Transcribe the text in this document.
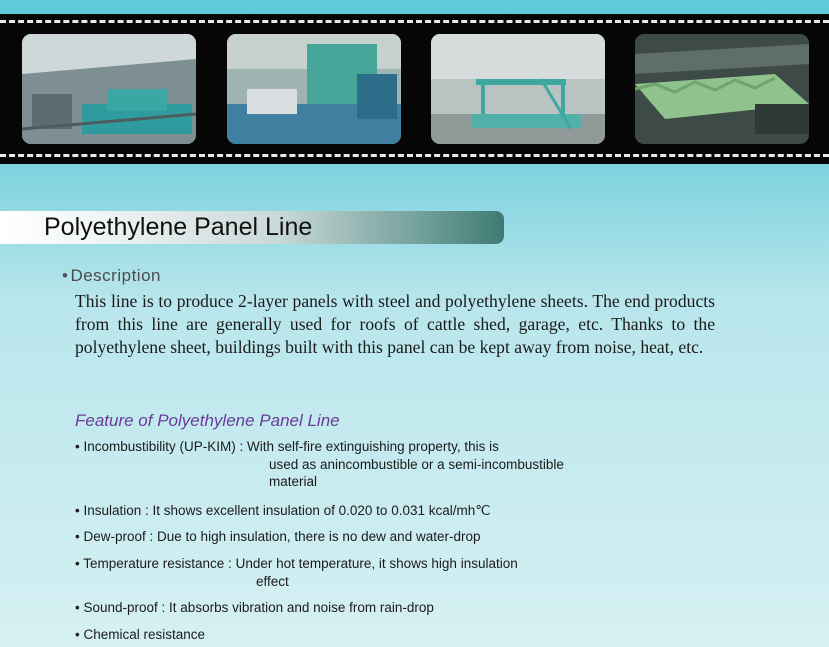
Polyethylene Panel Line
• Description
This line is to produce 2-layer panels with steel and polyethylene sheets. The end products from this line are generally used for roofs of cattle shed, garage, etc. Thanks to the polyethylene sheet, buildings built with this panel can be kept away from noise, heat, etc.
Feature of Polyethylene Panel Line
• Incombustibility (UP-KIM) : With self-fire extinguishing property, this is
used as anincombustible or a semi-incombustible
material
• Insulation : It shows excellent insulation of 0.020 to 0.031 kcal/mh℃
• Dew-proof : Due to high insulation, there is no dew and water-drop
• Temperature resistance : Under hot temperature, it shows high insulation
effect
• Sound-proof : It absorbs vibration and noise from rain-drop
• Chemical resistance
